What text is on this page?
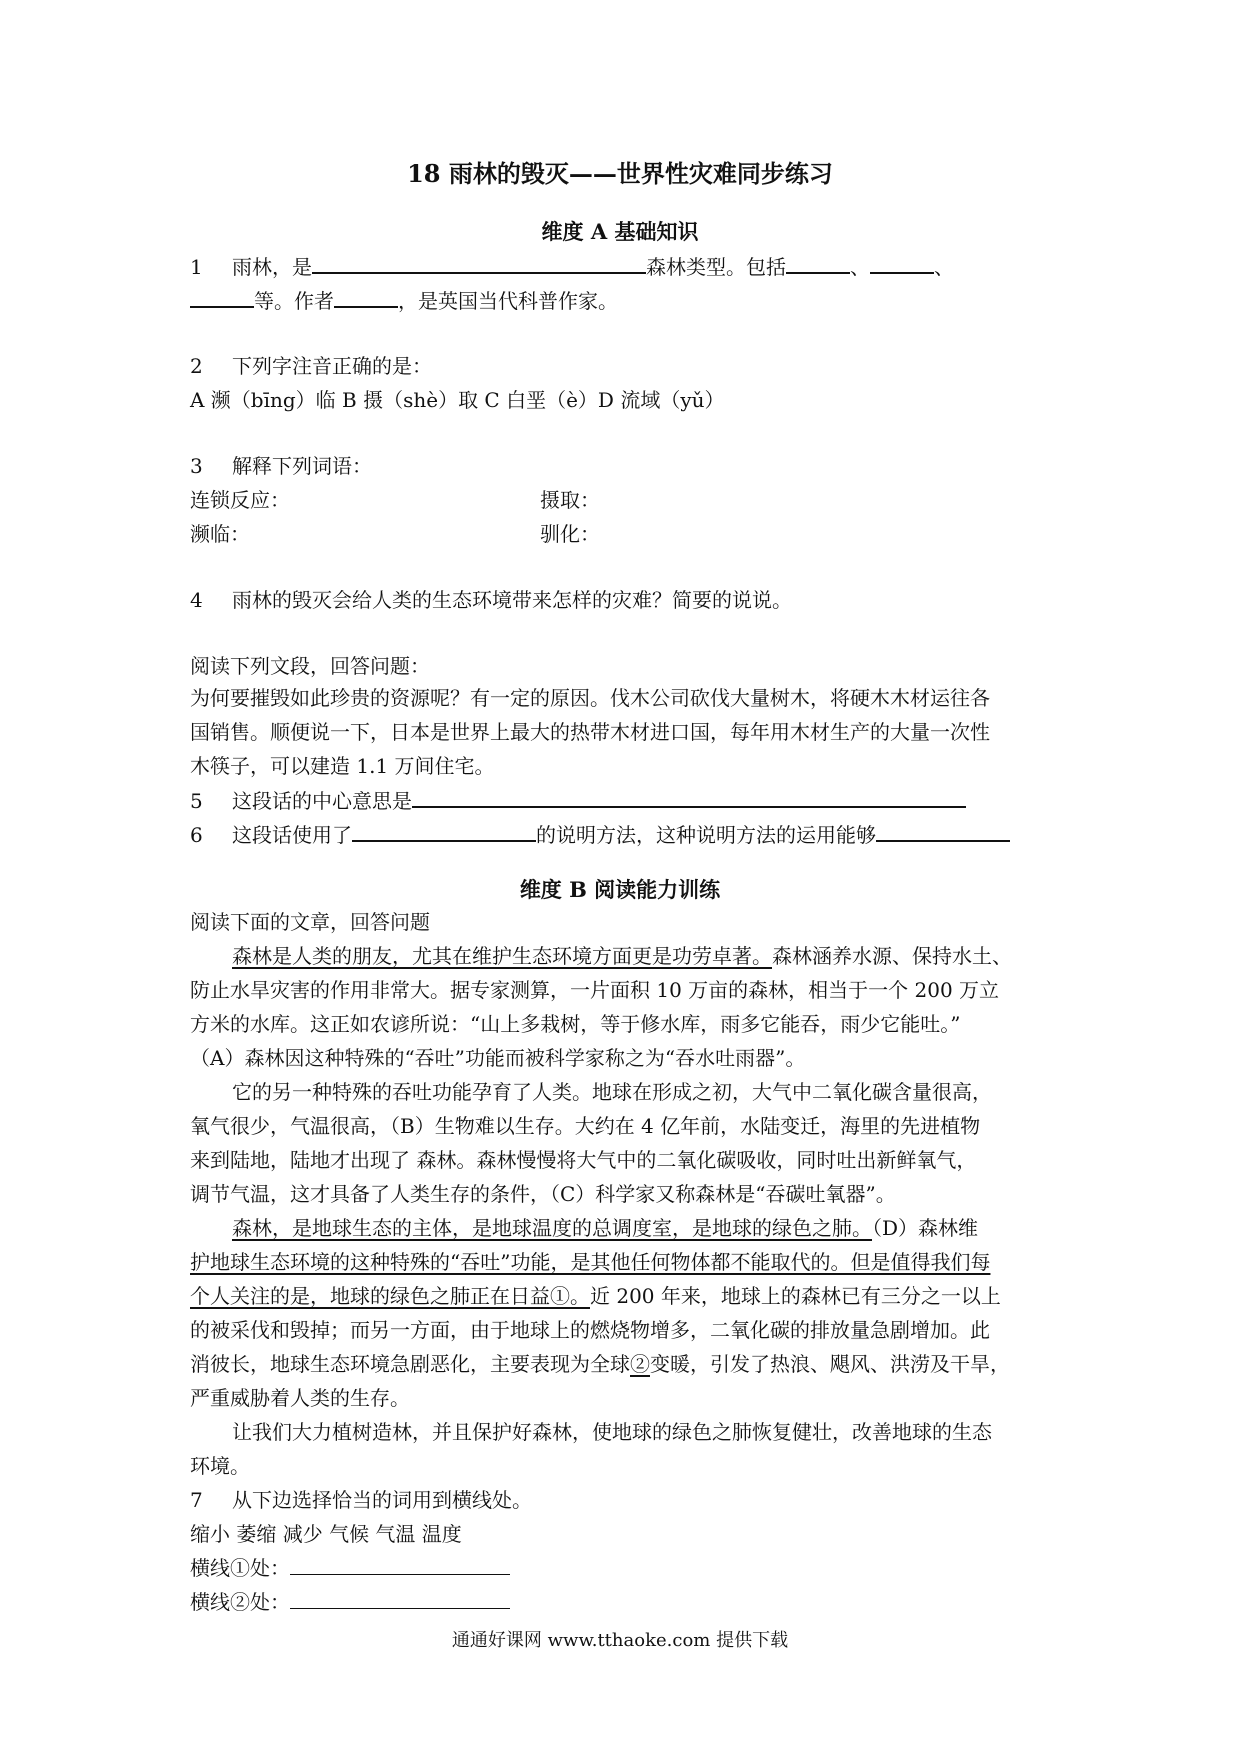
18 雨林的毁灭——世界性灾难同步练习
维度 A 基础知识
1 雨林，是	森林类型。包括	、	、
等。作者	，是英国当代科普作家。
2 下列字注音正确的是：
A 濒（bīng）临 B 摄（shè）取 C 白垩（è）D 流域（yǔ）
3 解释下列词语：
连锁反应：	摄取：
濒临：	驯化：
4 雨林的毁灭会给人类的生态环境带来怎样的灾难？简要的说说。
阅读下列文段，回答问题：
为何要摧毁如此珍贵的资源呢？有一定的原因。伐木公司砍伐大量树木，将硬木木材运往各
国销售。顺便说一下，日本是世界上最大的热带木材进口国，每年用木材生产的大量一次性
木筷子，可以建造 1.1 万间住宅。
5 这段话的中心意思是
6 这段话使用了	的说明方法，这种说明方法的运用能够
维度 B 阅读能力训练
阅读下面的文章，回答问题
森林是人类的朋友，尤其在维护生态环境方面更是功劳卓著。森林涵养水源、保持水土、
防止水旱灾害的作用非常大。据专家测算，一片面积 10 万亩的森林，相当于一个 200 万立
方米的水库。这正如农谚所说：“山上多栽树，等于修水库，雨多它能吞，雨少它能吐。”
（A）森林因这种特殊的“吞吐”功能而被科学家称之为“吞水吐雨器”。
它的另一种特殊的吞吐功能孕育了人类。地球在形成之初，大气中二氧化碳含量很高，
氧气很少，气温很高，（B）生物难以生存。大约在 4 亿年前，水陆变迁，海里的先进植物
来到陆地，陆地才出现了 森林。森林慢慢将大气中的二氧化碳吸收，同时吐出新鲜氧气，
调节气温，这才具备了人类生存的条件，（C）科学家又称森林是“吞碳吐氧器”。
森林，是地球生态的主体，是地球温度的总调度室，是地球的绿色之肺。（D）森林维
护地球生态环境的这种特殊的“吞吐”功能，是其他任何物体都不能取代的。但是值得我们每
个人关注的是，地球的绿色之肺正在日益①。近 200 年来，地球上的森林已有三分之一以上
的被采伐和毁掉；而另一方面，由于地球上的燃烧物增多，二氧化碳的排放量急剧增加。此
消彼长，地球生态环境急剧恶化，主要表现为全球②变暖，引发了热浪、飓风、洪涝及干旱，
严重威胁着人类的生存。
让我们大力植树造林，并且保护好森林，使地球的绿色之肺恢复健壮，改善地球的生态
环境。
7 从下边选择恰当的词用到横线处。
缩小 萎缩 减少 气候 气温 温度
横线①处：
横线②处：
通通好课网 www.tthaoke.com 提供下载
